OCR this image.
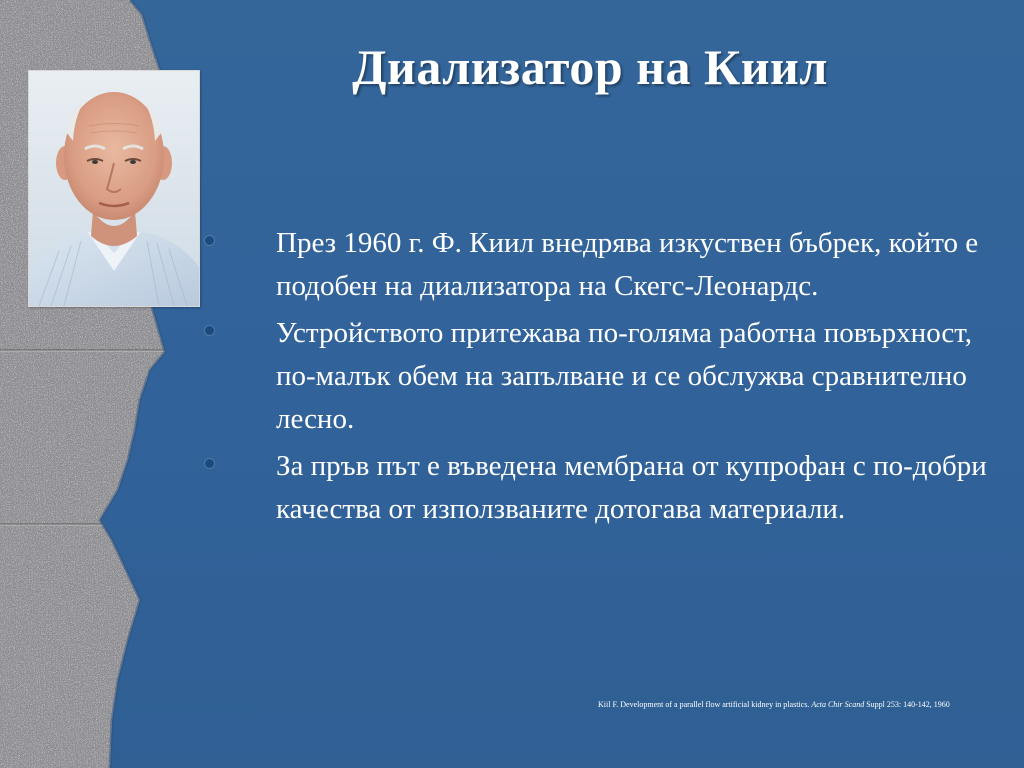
Диализатор на Киил
През 1960 г. Ф. Киил внедрява изкуствен бъбрек, който е подобен на диализатора на Скегс-Леонардс.
Устройството притежава по-голяма работна повърхност, по-малък обем на запълване и се обслужва сравнително лесно.
За пръв път е въведена мембрана от купрофан с по-добри качества от използваните дотогава материали.
Kiil F. Development of a parallel flow artificial kidney in plastics. Acta Chir Scand Suppl 253: 140-142, 1960
